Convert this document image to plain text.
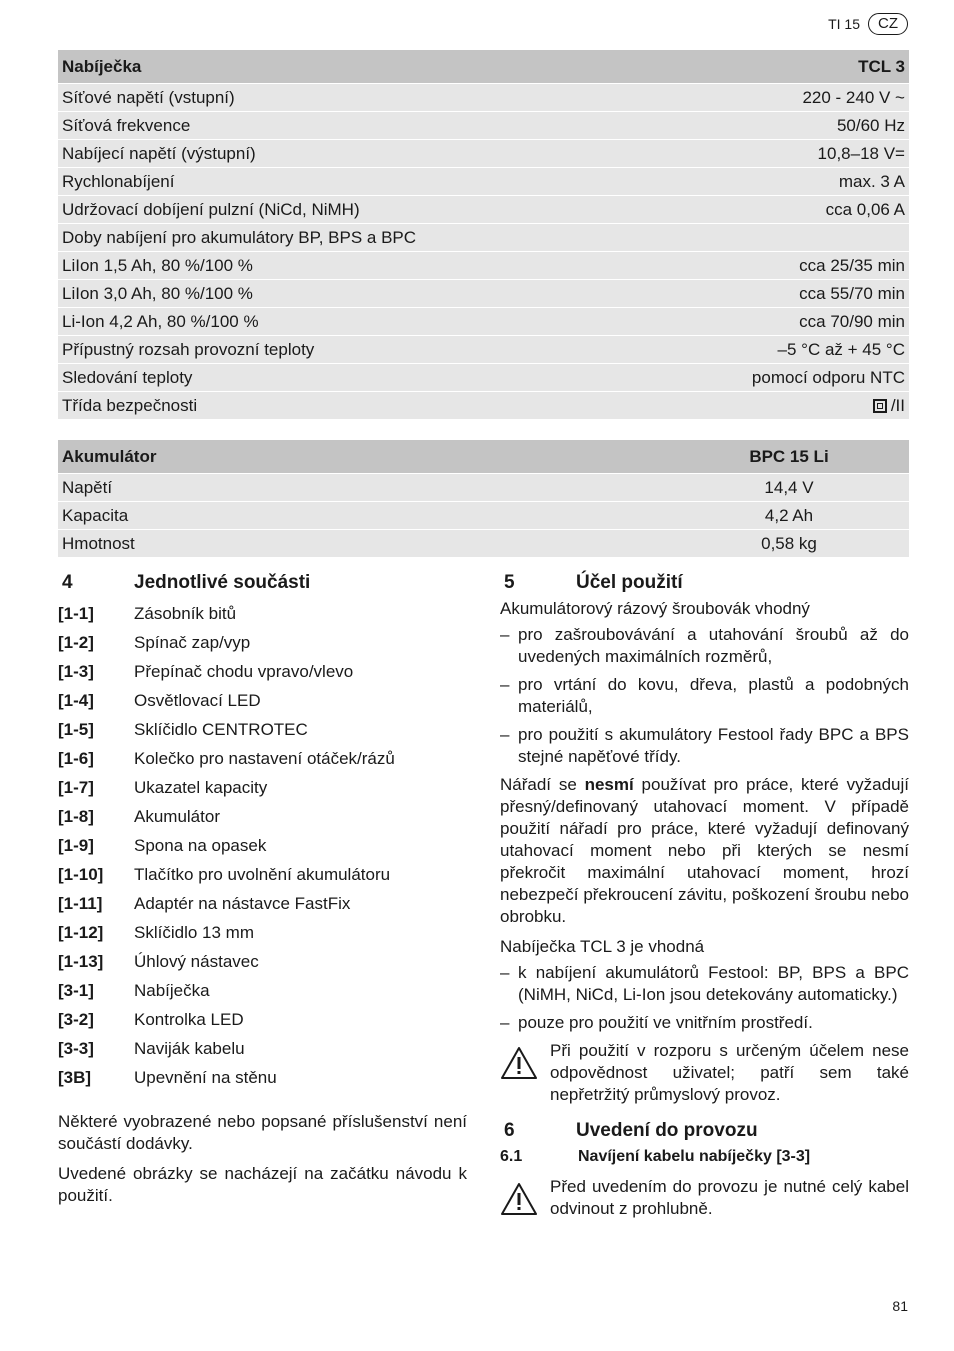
TI 15	CZ
Nabíječka	TCL 3
Síťové napětí (vstupní)	220 - 240 V ~
Síťová frekvence	50/60 Hz
Nabíjecí napětí (výstupní)	10,8–18 V=
Rychlonabíjení	max. 3 A
Udržovací dobíjení pulzní (NiCd, NiMH)	cca 0,06 A
Doby nabíjení pro akumulátory BP, BPS a BPC
LiIon 1,5 Ah, 80 %/100 %	cca 25/35 min
LiIon 3,0 Ah, 80 %/100 %	cca 55/70 min
Li-Ion 4,2 Ah, 80 %/100 %	cca 70/90 min
Přípustný rozsah provozní teploty	–5 °C až + 45 °C
Sledování teploty	pomocí odporu NTC
Třída bezpečnosti	/II
Akumulátor	BPC 15 Li
Napětí	14,4 V
Kapacita	4,2 Ah
Hmotnost	0,58 kg
4	Jednotlivé součásti
[1-1]	Zásobník bitů
[1-2]	Spínač zap/vyp
[1-3]	Přepínač chodu vpravo/vlevo
[1-4]	Osvětlovací LED
[1-5]	Sklíčidlo CENTROTEC
[1-6]	Kolečko pro nastavení otáček/rázů
[1-7]	Ukazatel kapacity
[1-8]	Akumulátor
[1-9]	Spona na opasek
[1-10]	Tlačítko pro uvolnění akumulátoru
[1-11]	Adaptér na nástavce FastFix
[1-12]	Sklíčidlo 13 mm
[1-13]	Úhlový nástavec
[3-1]	Nabíječka
[3-2]	Kontrolka LED
[3-3]	Naviják kabelu
[3B]	Upevnění na stěnu

Některé vyobrazené nebo popsané příslušenství není součástí dodávky.

Uvedené obrázky se nacházejí na začátku návodu k použití.

5	Účel použití

Akumulátorový rázový šroubovák vhodný

– pro zašroubovávání a utahování šroubů až do uvedených maximálních rozměrů,
– pro vrtání do kovu, dřeva, plastů a podobných materiálů,
– pro použití s akumulátory Festool řady BPC a BPS stejné napěťové třídy.

Nářadí se nesmí používat pro práce, které vyžadují přesný/definovaný utahovací moment. V případě použití nářadí pro práce, které vyžadují definovaný utahovací moment nebo při kterých se nesmí překročit maximální utahovací moment, hrozí nebezpečí překroucení závitu, poškození šroubu nebo obrobku.

Nabíječka TCL 3 je vhodná

– k nabíjení akumulátorů Festool: BP, BPS a BPC (NiMH, NiCd, Li-Ion jsou detekovány automaticky.)
– pouze pro použití ve vnitřním prostředí.
Při použití v rozporu s určeným účelem nese odpovědnost uživatel; patří sem také nepřetržitý průmyslový provoz.
6	Uvedení do provozu
6.1	Navíjení kabelu nabíječky [3-3]
Před uvedením do provozu je nutné celý kabel odvinout z prohlubně.
81
